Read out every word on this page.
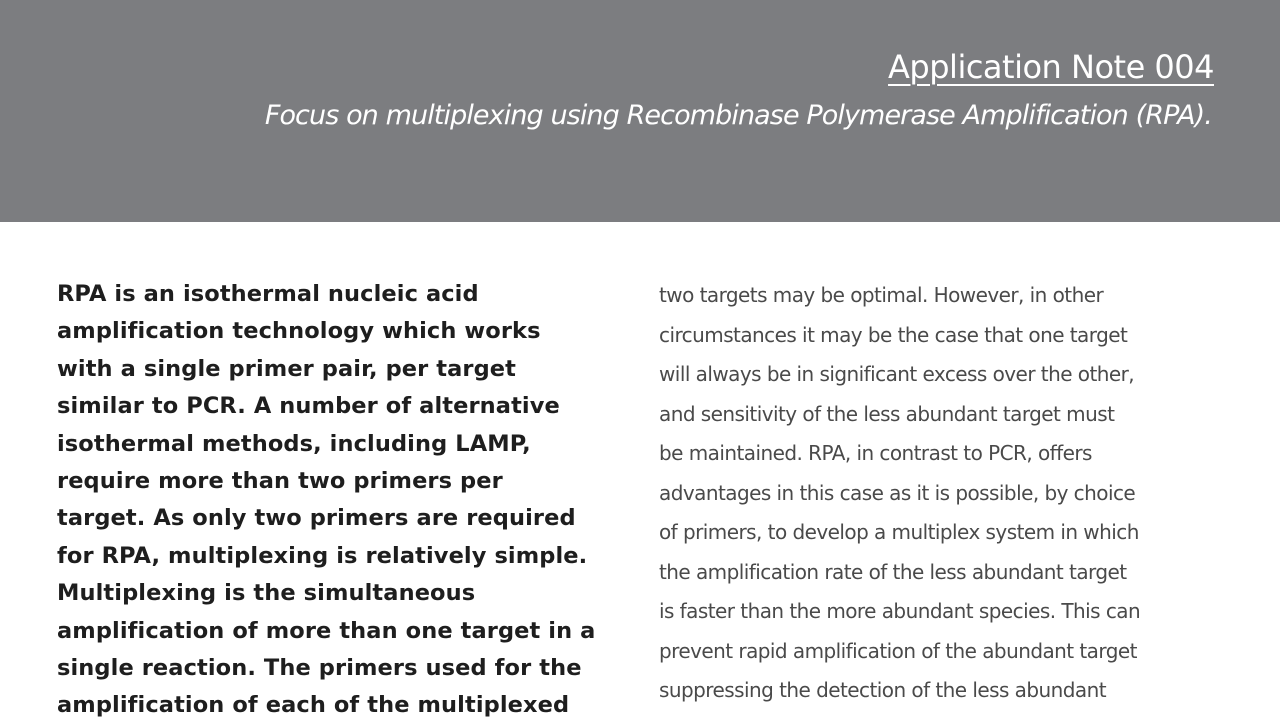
Application Note 004

Focus on multiplexing using Recombinase Polymerase Amplification (RPA).

RPA is an isothermal nucleic acid
amplification technology which works
with a single primer pair, per target
similar to PCR. A number of alternative
isothermal methods, including LAMP,
require more than two primers per
target. As only two primers are required
for RPA, multiplexing is relatively simple.
Multiplexing is the simultaneous
amplification of more than one target in a
single reaction. The primers used for the
amplification of each of the multiplexed
two targets may be optimal. However, in other
circumstances it may be the case that one target
will always be in significant excess over the other,
and sensitivity of the less abundant target must
be maintained. RPA, in contrast to PCR, offers
advantages in this case as it is possible, by choice
of primers, to develop a multiplex system in which
the amplification rate of the less abundant target
is faster than the more abundant species. This can
prevent rapid amplification of the abundant target
suppressing the detection of the less abundant
